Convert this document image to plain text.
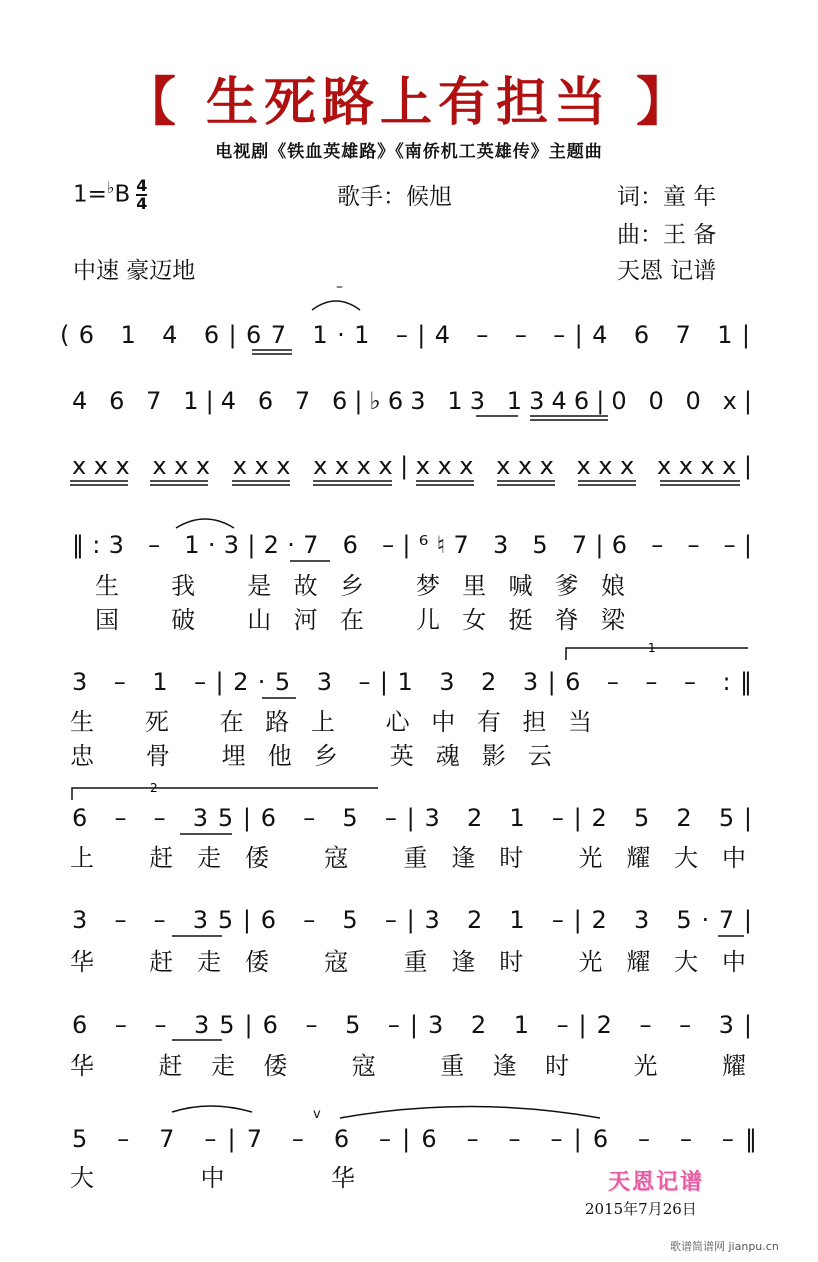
【 生死路上有担当 】
电视剧《铁血英雄路》《南侨机工英雄传》主题曲
$1=^♭B \frac{4}{4}$	歌手：候旭	词：童 年
曲：王 备
中速 豪迈地	天恩 记谱
(6 1 4 6|67 1·1 –|4 – – –|4 6 7 1|
–
4 6 7 1|4 6 7 6|♭63 13 1346|0 0 0 x|
xxx xxx xxx xxxx|xxx xxx xxx xxxx|
‖:3 – 1·3|2·7 6 –|⁶♮7 3 5 7|6 – – –|
生 我 是故乡 梦里喊爹娘
国 破 山河在 儿女挺脊梁
3 – 1 –|2·5 3 –|1 3 2 3|6 – – – :‖
生 死 在路上 心中有担当
忠 骨 埋他乡 英魂影云
6 – – 35|6 – 5 –|3 2 1 –|2 5 2 5|
上 赶走倭 寇 重逢时 光耀大中
3 – – 35|6 – 5 –|3 2 1 –|2 3 5·7|
华 赶走倭 寇 重逢时 光耀大中
6 – – 35|6 – 5 –|3 2 1 –|2 – – 3|
华 赶走倭 寇 重逢时 光 耀
5 – 7 –|7 – 6 –|6 – – –|6 – – –‖
大 中 华
v
1
2
天恩记谱
2015年7月26日
歌谱简谱网 jianpu.cn
